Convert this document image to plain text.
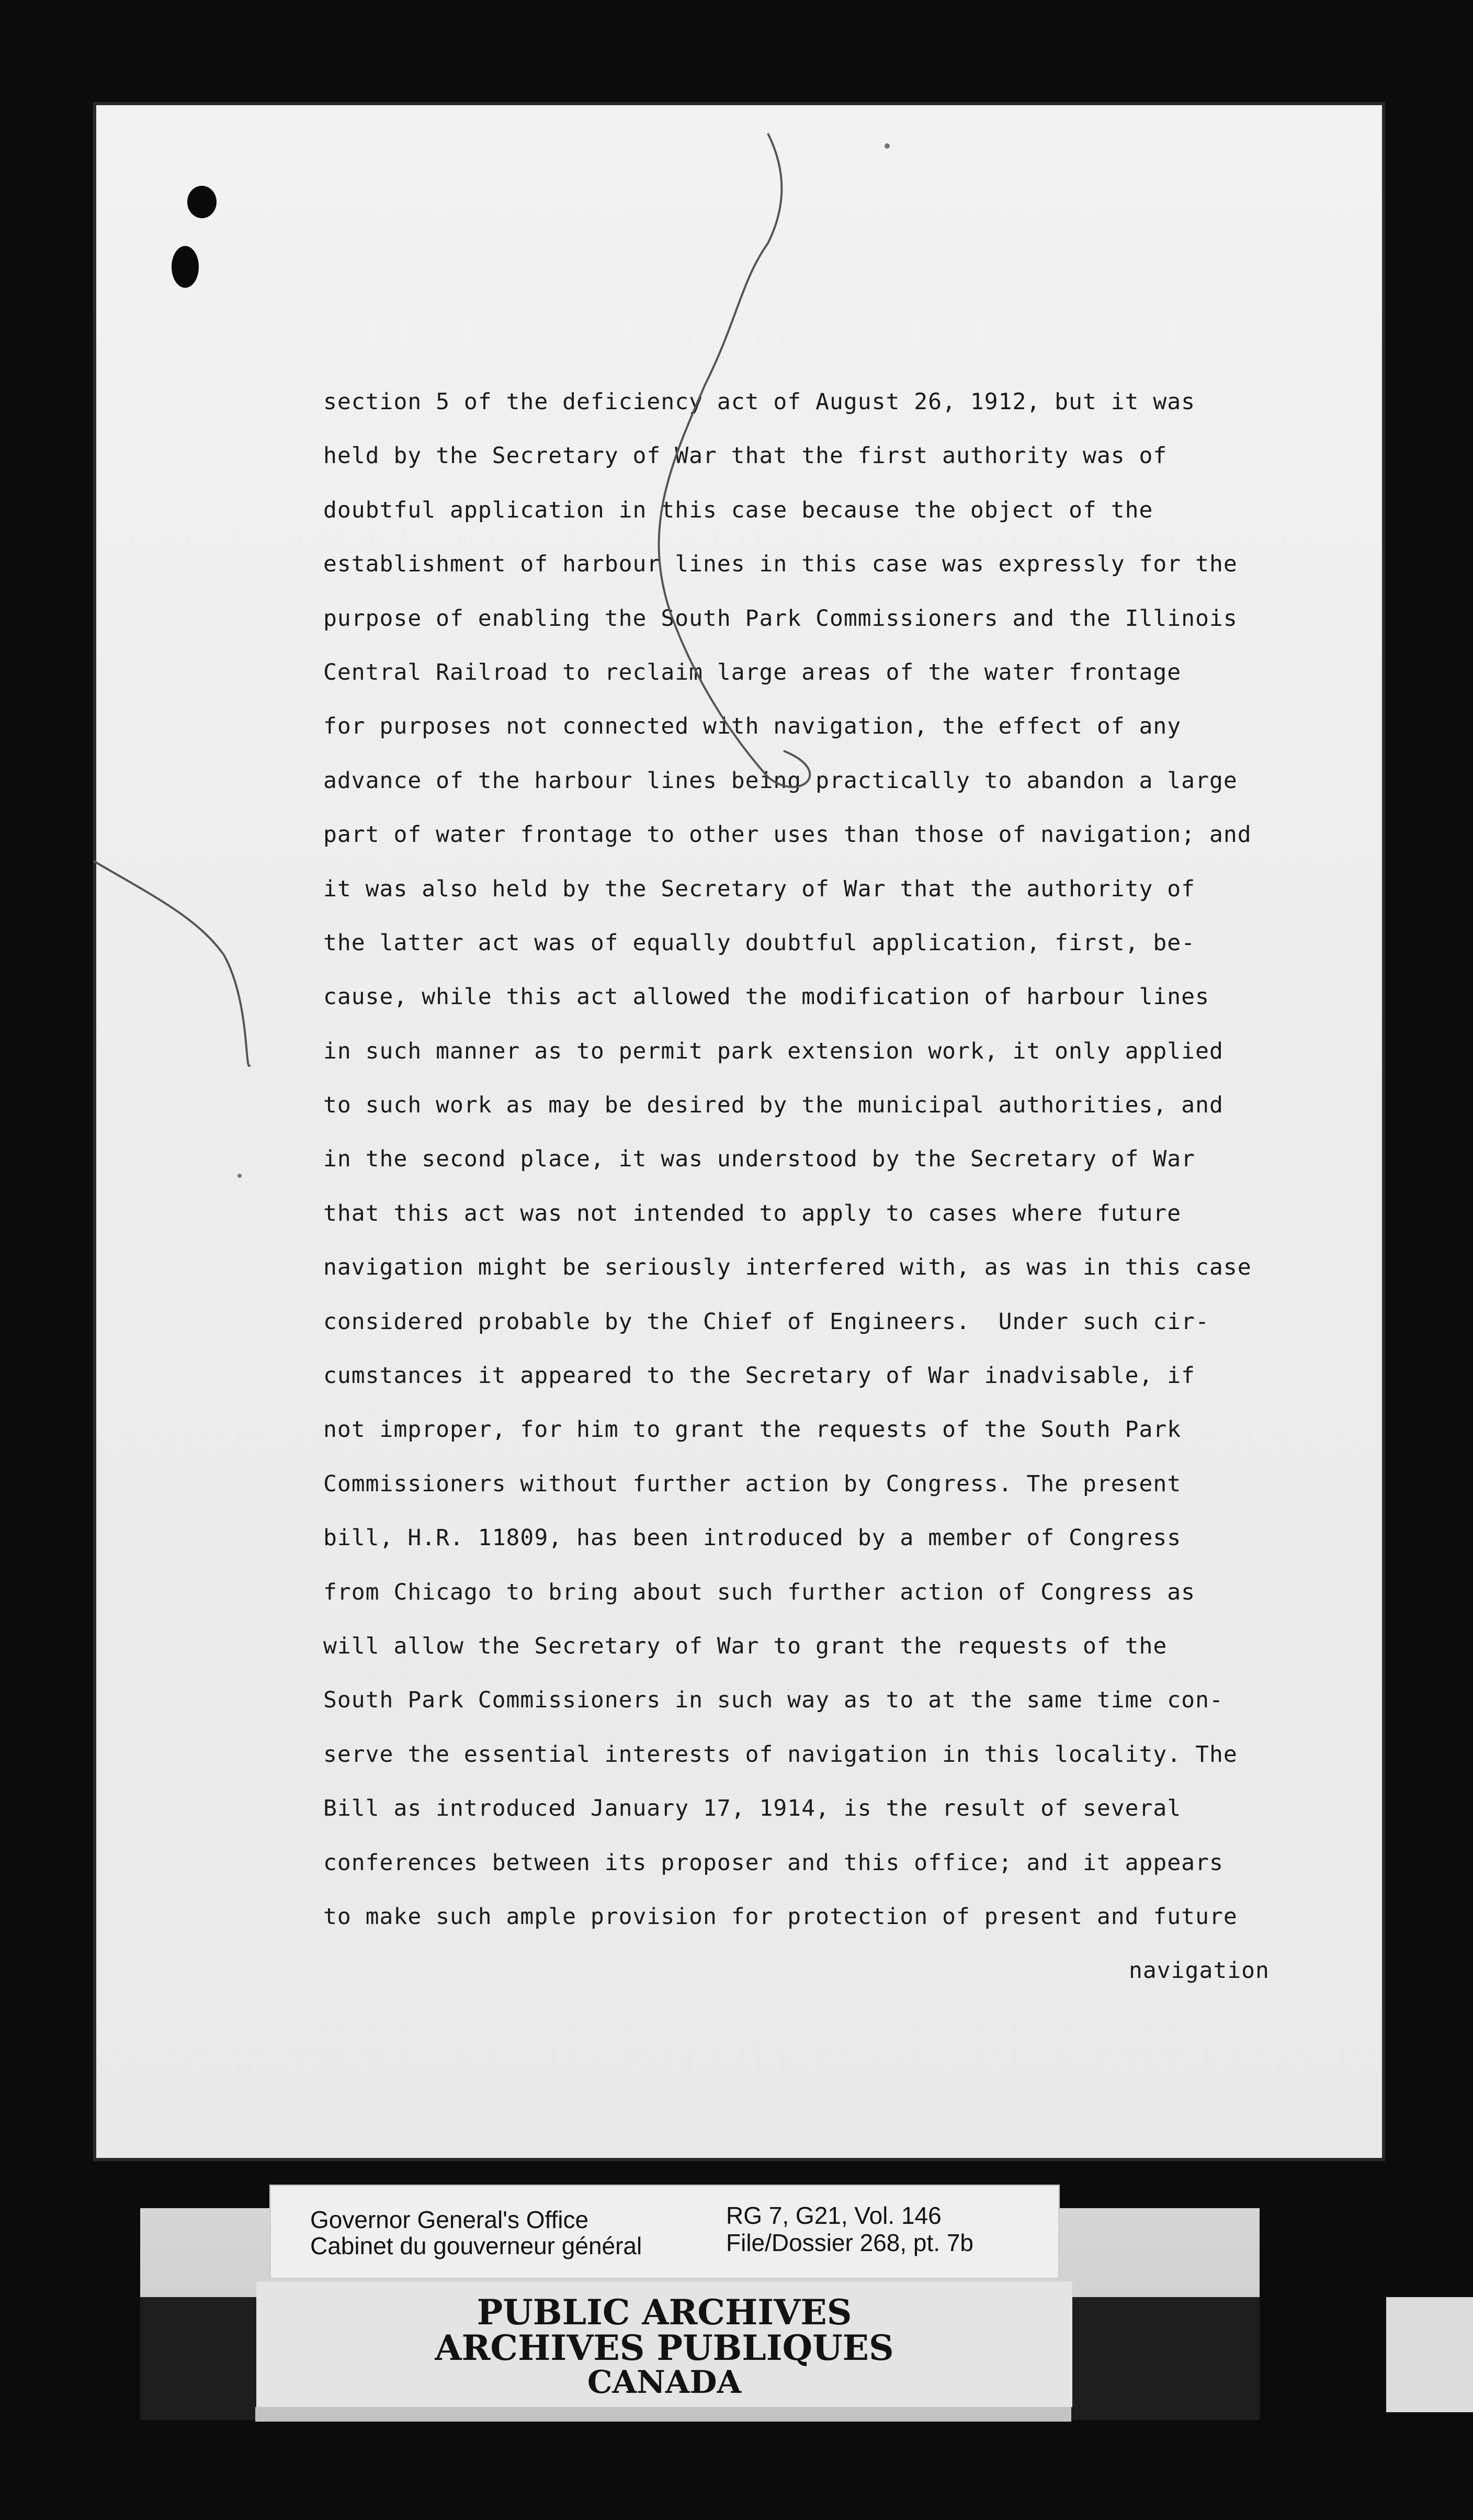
section 5 of the deficiency act of August 26, 1912, but it was
held by the Secretary of War that the first authority was of
doubtful application in this case because the object of the
establishment of harbour lines in this case was expressly for the
purpose of enabling the South Park Commissioners and the Illinois
Central Railroad to reclaim large areas of the water frontage
for purposes not connected with navigation, the effect of any
advance of the harbour lines being practically to abandon a large
part of water frontage to other uses than those of navigation; and
it was also held by the Secretary of War that the authority of
the latter act was of equally doubtful application, first, be-
cause, while this act allowed the modification of harbour lines
in such manner as to permit park extension work, it only applied
to such work as may be desired by the municipal authorities, and
in the second place, it was understood by the Secretary of War
that this act was not intended to apply to cases where future
navigation might be seriously interfered with, as was in this case
considered probable by the Chief of Engineers.  Under such cir-
cumstances it appeared to the Secretary of War inadvisable, if
not improper, for him to grant the requests of the South Park
Commissioners without further action by Congress. The present
bill, H.R. 11809, has been introduced by a member of Congress
from Chicago to bring about such further action of Congress as
will allow the Secretary of War to grant the requests of the
South Park Commissioners in such way as to at the same time con-
serve the essential interests of navigation in this locality. The
Bill as introduced January 17, 1914, is the result of several
conferences between its proposer and this office; and it appears
to make such ample provision for protection of present and future
navigation
Governor General's Office
Cabinet du gouverneur général
RG 7, G21, Vol. 146
File/Dossier 268, pt. 7b
PUBLIC ARCHIVES
ARCHIVES PUBLIQUES
CANADA
